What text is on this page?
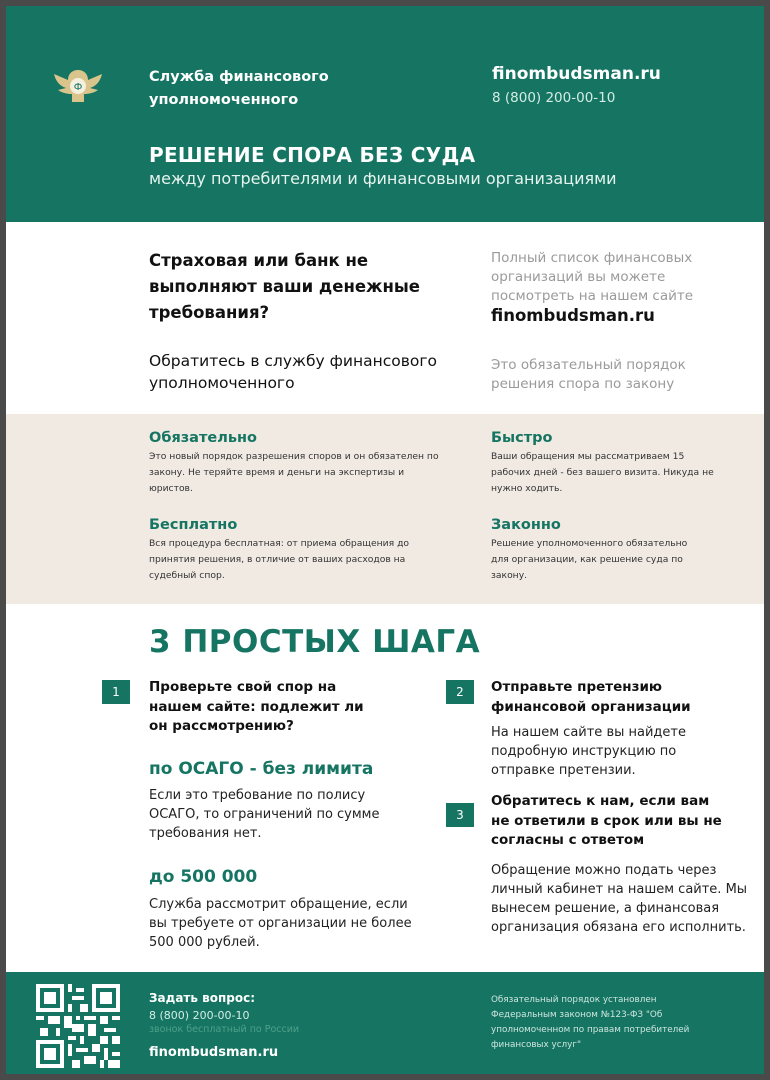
Ф
Служба финансового уполномоченного
finombudsman.ru
8 (800) 200-00-10
РЕШЕНИЕ СПОРА БЕЗ СУДА
между потребителями и финансовыми организациями
Страховая или банк не выполняют ваши денежные требования?
Обратитесь в службу финансового уполномоченного
Полный список финансовых организаций вы можете посмотреть на нашем сайте
finombudsman.ru
Это обязательный порядок решения спора по закону
Обязательно
Это новый порядок разрешения споров и он обязателен по закону. Не теряйте время и деньги на экспертизы и юристов.
Быстро
Ваши обращения мы рассматриваем 15 рабочих дней - без вашего визита. Никуда не нужно ходить.
Бесплатно
Вся процедура бесплатная: от приема обращения до принятия решения, в отличие от ваших расходов на судебный спор.
Законно
Решение уполномоченного обязательно для организации, как решение суда по закону.
3 ПРОСТЫХ ШАГА
1	Проверьте свой спор на нашем сайте: подлежит ли он рассмотрению?
по ОСАГО - без лимита
Если это требование по полису ОСАГО, то ограничений по сумме требования нет.
до 500 000
Служба рассмотрит обращение, если вы требуете от организации не более 500 000 рублей.
2	Отправьте претензию финансовой организации
На нашем сайте вы найдете подробную инструкцию по отправке претензии.
3
Обратитесь к нам, если вам не ответили в срок или вы не согласны с ответом
Обращение можно подать через личный кабинет на нашем сайте. Мы вынесем решение, а финансовая организация обязана его исполнить.
Задать вопрос:
8 (800) 200-00-10
звонок бесплатный по России
finombudsman.ru
Обязательный порядок установлен Федеральным законом №123-ФЗ "Об уполномоченном по правам потребителей финансовых услуг"
